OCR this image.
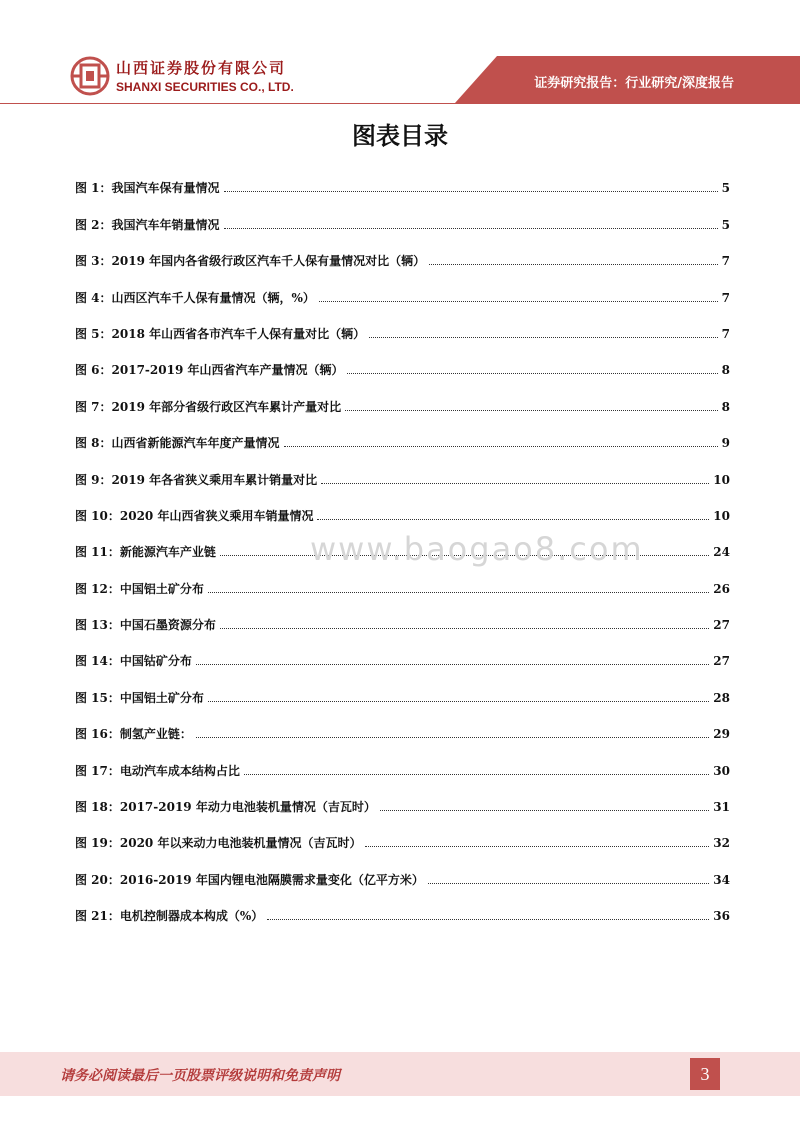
山西证券股份有限公司
SHANXI SECURITIES CO., LTD.	证券研究报告：行业研究/深度报告
图表目录
图 1：我国汽车保有量情况	5
图 2：我国汽车年销量情况	5
图 3：2019 年国内各省级行政区汽车千人保有量情况对比（辆）	7
图 4：山西区汽车千人保有量情况（辆，%）	7
图 5：2018 年山西省各市汽车千人保有量对比（辆）	7
图 6：2017-2019 年山西省汽车产量情况（辆）	8
图 7：2019 年部分省级行政区汽车累计产量对比	8
图 8：山西省新能源汽车年度产量情况	9
图 9：2019 年各省狭义乘用车累计销量对比	10
图 10：2020 年山西省狭义乘用车销量情况	10
图 11：新能源汽车产业链	24
图 12：中国铝土矿分布	26
图 13：中国石墨资源分布	27
图 14：中国钴矿分布	27
图 15：中国铝土矿分布	28
图 16：制氢产业链：	29
图 17：电动汽车成本结构占比	30
图 18：2017-2019 年动力电池装机量情况（吉瓦时）	31
图 19：2020 年以来动力电池装机量情况（吉瓦时）	32
图 20：2016-2019 年国内锂电池隔膜需求量变化（亿平方米）	34
图 21：电机控制器成本构成（%）	36
www.baogao8.com
请务必阅读最后一页股票评级说明和免责声明	3
